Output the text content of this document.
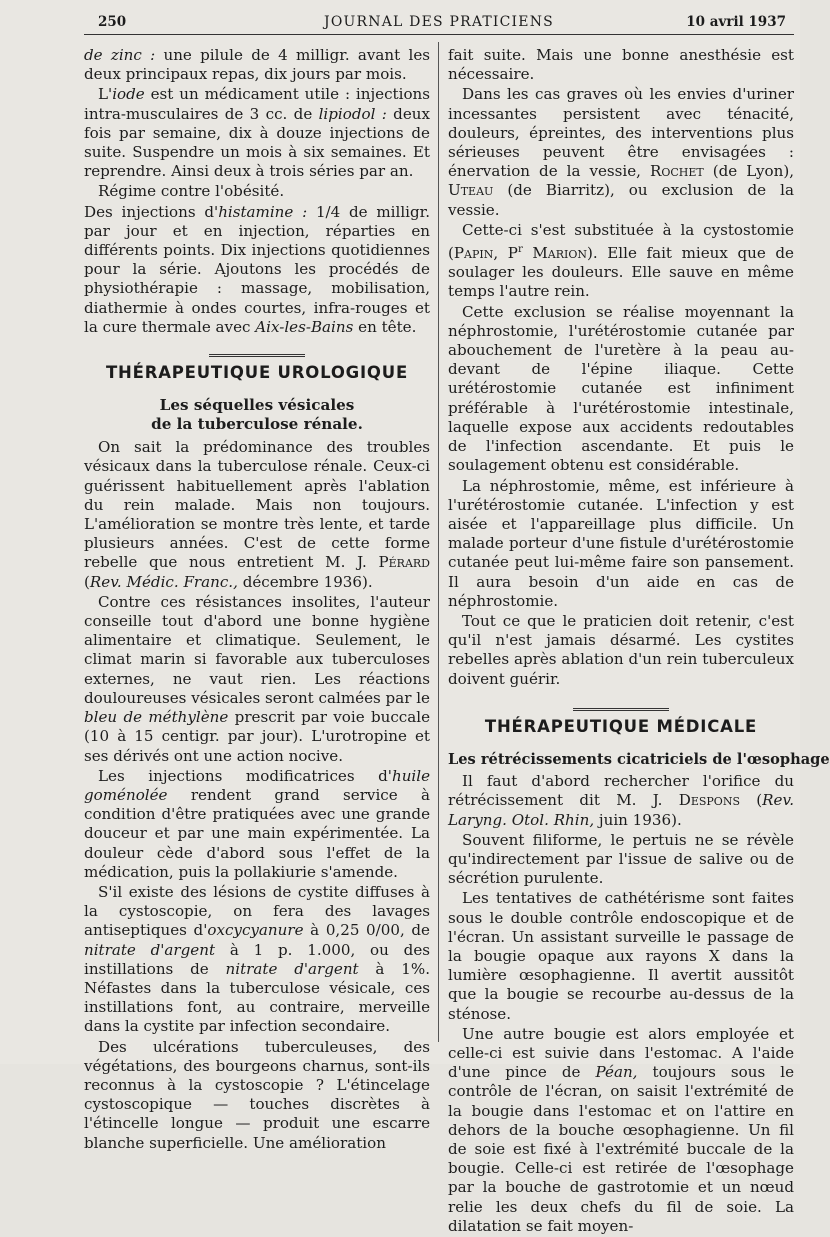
250	JOURNAL DES PRATICIENS	10 avril 1937

de zinc : une pilule de 4 milligr. avant les deux principaux repas, dix jours par mois.

L'iode est un médicament utile : injections intra-musculaires de 3 cc. de lipiodol : deux fois par semaine, dix à douze injections de suite. Suspendre un mois à six semaines. Et reprendre. Ainsi deux à trois séries par an.

Régime contre l'obésité.

Des injections d'histamine : 1/4 de milligr. par jour et en injection, réparties en différents points. Dix injections quotidiennes pour la série. Ajoutons les procédés de physiothérapie : massage, mobilisation, diathermie à ondes courtes, infra-rouges et la cure thermale avec Aix-les-Bains en tête.

THÉRAPEUTIQUE UROLOGIQUE
Les séquelles vésicales
de la tuberculose rénale.

On sait la prédominance des troubles vésicaux dans la tuberculose rénale. Ceux-ci guérissent habituellement après l'ablation du rein malade. Mais non toujours. L'amélioration se montre très lente, et tarde plusieurs années. C'est de cette forme rebelle que nous entretient M. J. Pérard (Rev. Médic. Franc., décembre 1936).

Contre ces résistances insolites, l'auteur conseille tout d'abord une bonne hygiène alimentaire et climatique. Seulement, le climat marin si favorable aux tuberculoses externes, ne vaut rien. Les réactions douloureuses vésicales seront calmées par le bleu de méthylène prescrit par voie buccale (10 à 15 centigr. par jour). L'urotropine et ses dérivés ont une action nocive.

Les injections modificatrices d'huile goménolée rendent grand service à condition d'être pratiquées avec une grande douceur et par une main expérimentée. La douleur cède d'abord sous l'effet de la médication, puis la pollakiurie s'amende.

S'il existe des lésions de cystite diffuses à la cystoscopie, on fera des lavages antiseptiques d'oxcycyanure à 0,25 0/00, de nitrate d'argent à 1 p. 1.000, ou des instillations de nitrate d'argent à 1%. Néfastes dans la tuberculose vésicale, ces instillations font, au contraire, merveille dans la cystite par infection secondaire.

Des ulcérations tuberculeuses, des végétations, des bourgeons charnus, sont-ils reconnus à la cystoscopie ? L'étincelage cystoscopique — touches discrètes à l'étincelle longue — produit une escarre blanche superficielle. Une amélioration

fait suite. Mais une bonne anesthésie est nécessaire.

Dans les cas graves où les envies d'uriner incessantes persistent avec ténacité, douleurs, épreintes, des interventions plus sérieuses peuvent être envisagées : énervation de la vessie, Rochet (de Lyon), Uteau (de Biarritz), ou exclusion de la vessie.

Cette-ci s'est substituée à la cystostomie (Papin, $P^r$ Marion). Elle fait mieux que de soulager les douleurs. Elle sauve en même temps l'autre rein.

Cette exclusion se réalise moyennant la néphrostomie, l'urétérostomie cutanée par abouchement de l'uretère à la peau au-devant de l'épine iliaque. Cette urétérostomie cutanée est infiniment préférable à l'urétérostomie intestinale, laquelle expose aux accidents redoutables de l'infection ascendante. Et puis le soulagement obtenu est considérable.

La néphrostomie, même, est inférieure à l'urétérostomie cutanée. L'infection y est aisée et l'appareillage plus difficile. Un malade porteur d'une fistule d'urétérostomie cutanée peut lui-même faire son pansement. Il aura besoin d'un aide en cas de néphrostomie.

Tout ce que le praticien doit retenir, c'est qu'il n'est jamais désarmé. Les cystites rebelles après ablation d'un rein tuberculeux doivent guérir.

THÉRAPEUTIQUE MÉDICALE
Les rétrécissements cicatriciels de l'œsophage

Il faut d'abord rechercher l'orifice du rétrécissement dit M. J. Despons (Rev. Laryng. Otol. Rhin, juin 1936).

Souvent filiforme, le pertuis ne se révèle qu'indirectement par l'issue de salive ou de sécrétion purulente.

Les tentatives de cathétérisme sont faites sous le double contrôle endoscopique et de l'écran. Un assistant surveille le passage de la bougie opaque aux rayons X dans la lumière œsophagienne. Il avertit aussitôt que la bougie se recourbe au-dessus de la sténose.

Une autre bougie est alors employée et celle-ci est suivie dans l'estomac. A l'aide d'une pince de Péan, toujours sous le contrôle de l'écran, on saisit l'extrémité de la bougie dans l'estomac et on l'attire en dehors de la bouche œsophagienne. Un fil de soie est fixé à l'extrémité buccale de la bougie. Celle-ci est retirée de l'œsophage par la bouche de gastrotomie et un nœud relie les deux chefs du fil de soie. La dilatation se fait moyen-
